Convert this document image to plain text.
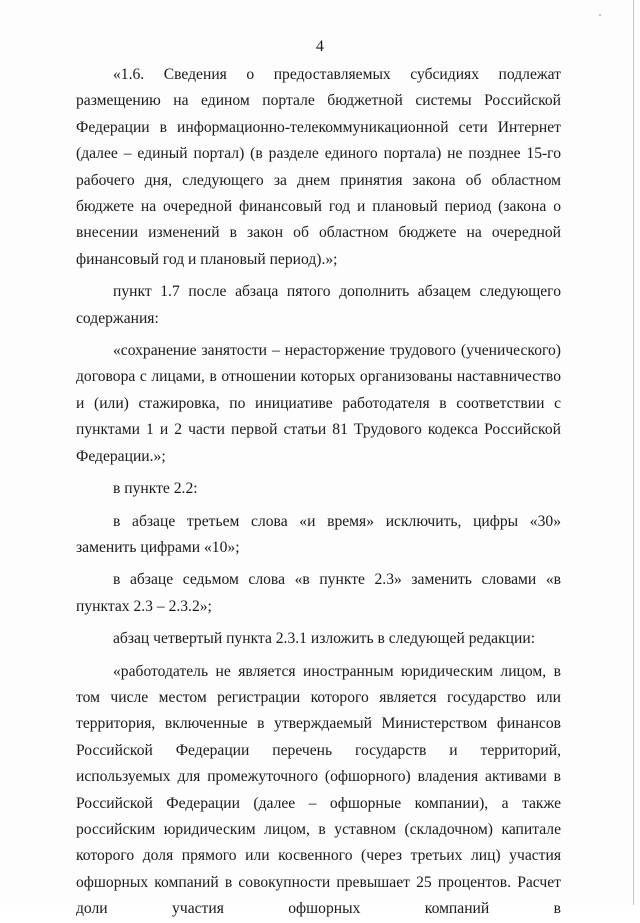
4

«1.6. Сведения о предоставляемых субсидиях подлежат размещению на едином портале бюджетной системы Российской Федерации в информационно-телекоммуникационной сети Интернет (далее – единый портал) (в разделе единого портала) не позднее 15-го рабочего дня, следующего за днем принятия закона об областном бюджете на очередной финансовый год и плановый период (закона о внесении изменений в закон об областном бюджете на очередной финансовый год и плановый период).»;

пункт 1.7 после абзаца пятого дополнить абзацем следующего содержания:

«сохранение занятости – нерасторжение трудового (ученического) договора с лицами, в отношении которых организованы наставничество и (или) стажировка, по инициативе работодателя в соответствии с пунктами 1 и 2 части первой статьи 81 Трудового кодекса Российской Федерации.»;

в пункте 2.2:

в абзаце третьем слова «и время» исключить, цифры «30» заменить цифрами «10»;

в абзаце седьмом слова «в пункте 2.3» заменить словами «в пунктах 2.3 – 2.3.2»;

абзац четвертый пункта 2.3.1 изложить в следующей редакции:

«работодатель не является иностранным юридическим лицом, в том числе местом регистрации которого является государство или территория, включенные в утверждаемый Министерством финансов Российской Федерации перечень государств и территорий, используемых для промежуточного (офшорного) владения активами в Российской Федерации (далее – офшорные компании), а также российским юридическим лицом, в уставном (складочном) капитале которого доля прямого или косвенного (через третьих лиц) участия офшорных компаний в совокупности превышает 25 процентов. Расчет доли участия офшорных компаний в
